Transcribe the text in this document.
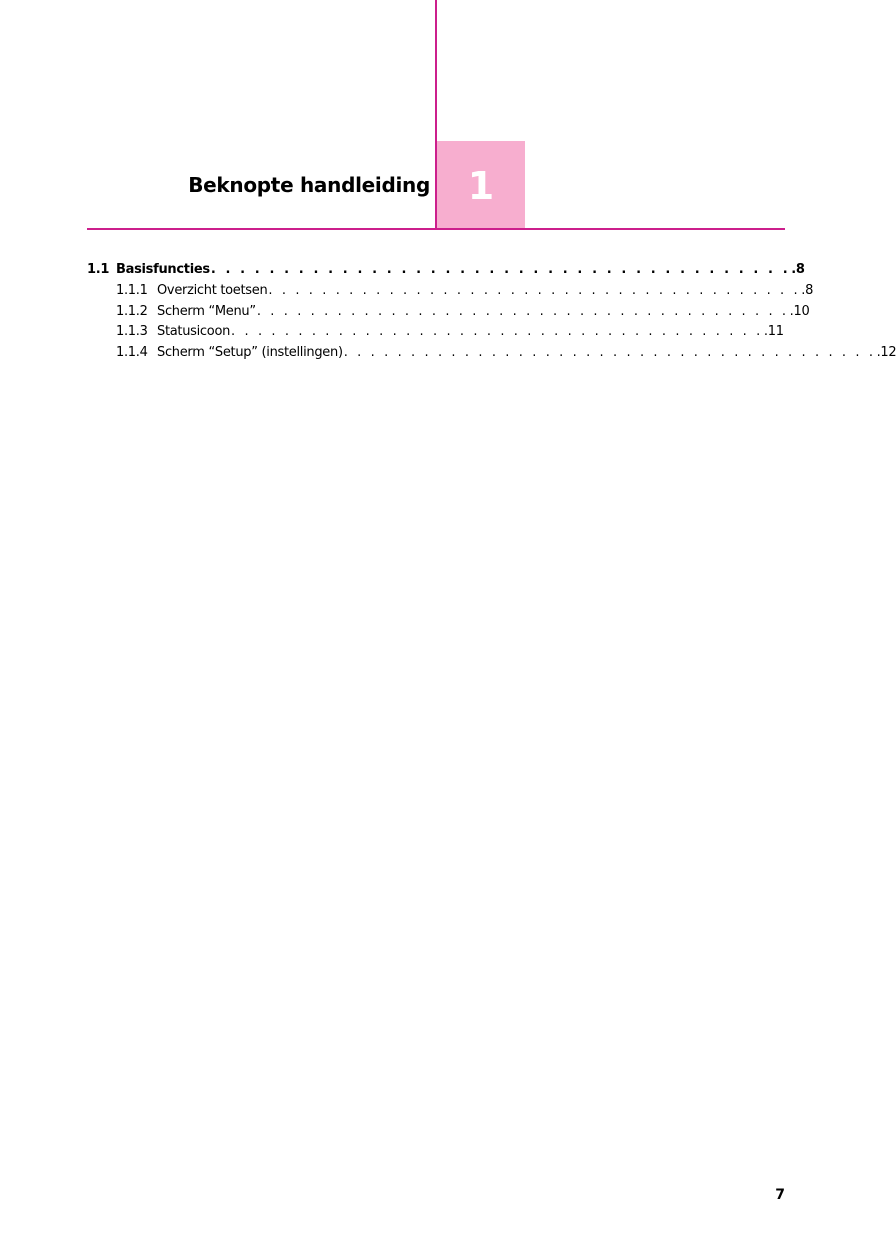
Beknopte handleiding 1
1.1 Basisfuncties . . . . . . . . . . . . . . . . . . . . . . . . . . . . . . . . . . . . . . . . .8
1.1.1 Overzicht toetsen . . . . . . . . . . . . . . . . . . . . . . . . . . . . . . . . . . . . . . . . .8
1.1.2 Scherm “Menu” . . . . . . . . . . . . . . . . . . . . . . . . . . . . . . . . . . . . . . . . .10
1.1.3 Statusicoon . . . . . . . . . . . . . . . . . . . . . . . . . . . . . . . . . . . . . . . . .11
1.1.4 Scherm “Setup” (instellingen) . . . . . . . . . . . . . . . . . . . . . . . . . . . . . . . . . . . . . . . . .12
7
